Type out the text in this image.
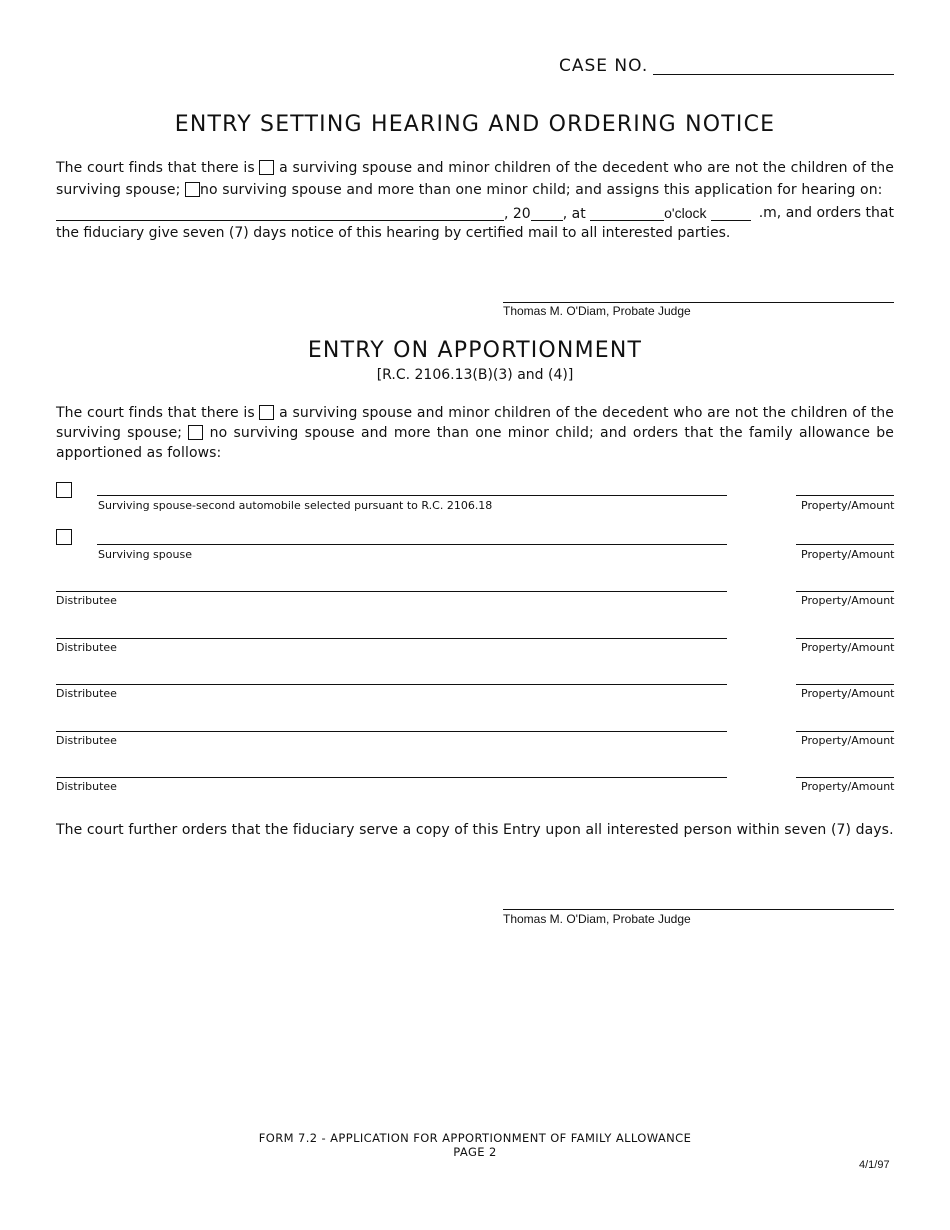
CASE NO.
ENTRY SETTING HEARING AND ORDERING NOTICE
The court finds that there is a surviving spouse and minor children of the decedent who are not the children of the surviving spouse; no surviving spouse and more than one minor child; and assigns this application for hearing on:
, 20 , at	o'clock	.m, and orders that
the fiduciary give seven (7) days notice of this hearing by certified mail to all interested parties.
Thomas M. O'Diam, Probate Judge
ENTRY ON APPORTIONMENT
[R.C. 2106.13(B)(3) and (4)]
The court finds that there is a surviving spouse and minor children of the decedent who are not the children of the surviving spouse; no surviving spouse and more than one minor child; and orders that the family allowance be apportioned as follows:
Surviving spouse-second automobile selected pursuant to R.C. 2106.18	Property/Amount
Surviving spouse	Property/Amount
Distributee	Property/Amount
Distributee	Property/Amount
Distributee	Property/Amount
Distributee	Property/Amount
Distributee	Property/Amount
The court further orders that the fiduciary serve a copy of this Entry upon all interested person within seven (7) days.
Thomas M. O'Diam, Probate Judge
FORM 7.2 - APPLICATION FOR APPORTIONMENT OF FAMILY ALLOWANCE
PAGE 2
4/1/97
